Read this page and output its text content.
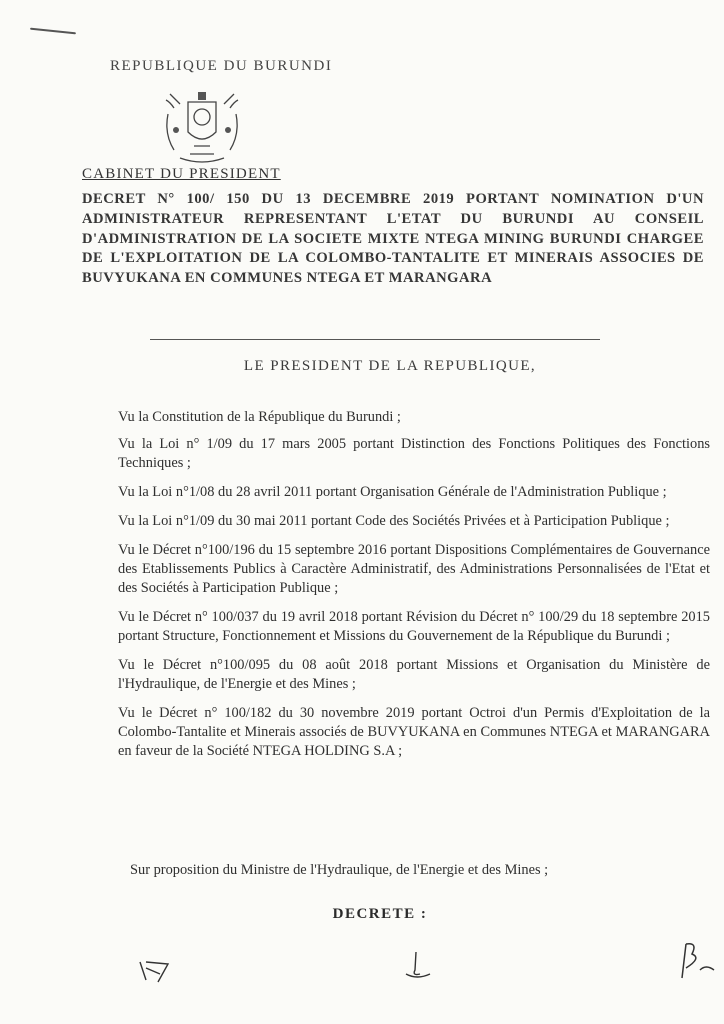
REPUBLIQUE DU BURUNDI
CABINET DU PRESIDENT
DECRET N° 100/ 150 DU 13 DECEMBRE 2019 PORTANT NOMINATION D'UN ADMINISTRATEUR REPRESENTANT L'ETAT DU BURUNDI AU CONSEIL D'ADMINISTRATION DE LA SOCIETE MIXTE NTEGA MINING BURUNDI CHARGEE DE L'EXPLOITATION DE LA COLOMBO-TANTALITE ET MINERAIS ASSOCIES DE BUVYUKANA EN COMMUNES NTEGA ET MARANGARA
LE PRESIDENT DE LA REPUBLIQUE,

Vu la Constitution de la République du Burundi ;

Vu la Loi n° 1/09 du 17 mars 2005 portant Distinction des Fonctions Politiques des Fonctions Techniques ;

Vu la Loi n°1/08 du 28 avril 2011 portant Organisation Générale de l'Administration Publique ;

Vu la Loi n°1/09 du 30 mai 2011 portant Code des Sociétés Privées et à Participation Publique ;

Vu le Décret n°100/196 du 15 septembre 2016 portant Dispositions Complémentaires de Gouvernance des Etablissements Publics à Caractère Administratif, des Administrations Personnalisées de l'Etat et des Sociétés à Participation Publique ;

Vu le Décret n° 100/037 du 19 avril 2018 portant Révision du Décret n° 100/29 du 18 septembre 2015 portant Structure, Fonctionnement et Missions du Gouvernement de la République du Burundi ;

Vu le Décret n°100/095 du 08 août 2018 portant Missions et Organisation du Ministère de l'Hydraulique, de l'Energie et des Mines ;

Vu le Décret n° 100/182 du 30 novembre 2019 portant Octroi d'un Permis d'Exploitation de la Colombo-Tantalite et Minerais associés de BUVYUKANA en Communes NTEGA et MARANGARA en faveur de la Société NTEGA HOLDING S.A ;

Sur proposition du Ministre de l'Hydraulique, de l'Energie et des Mines ;
DECRETE :
